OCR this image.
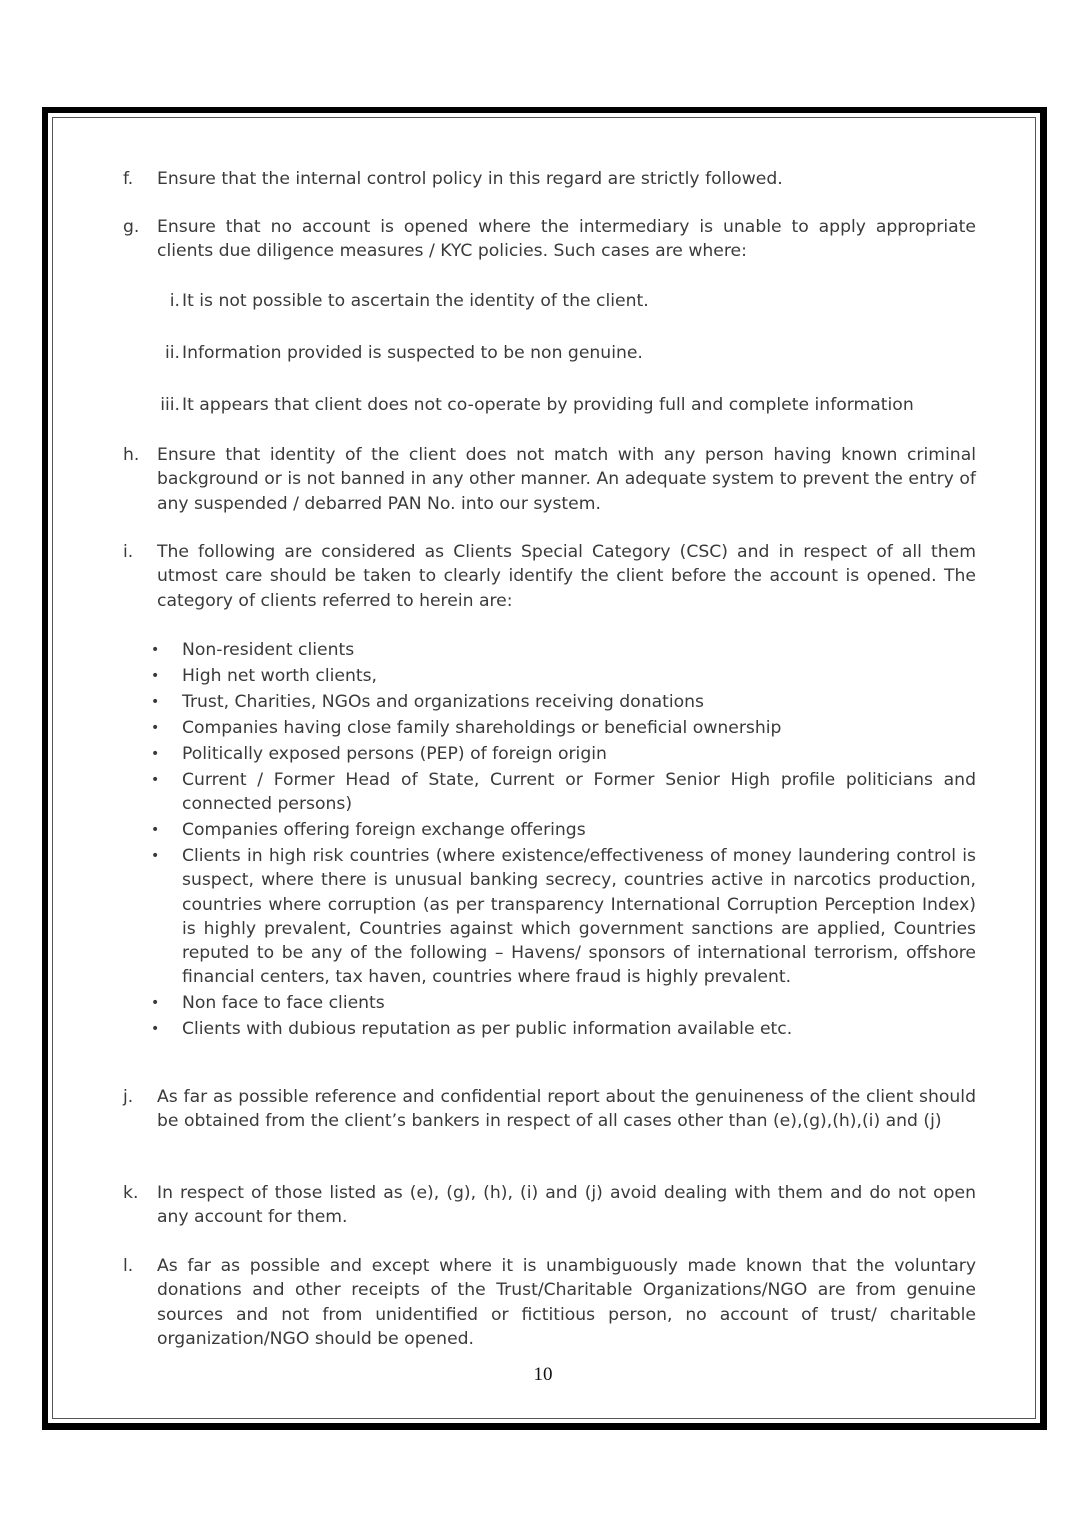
f. Ensure that the internal control policy in this regard are strictly followed.
g. Ensure that no account is opened where the intermediary is unable to apply appropriate clients due diligence measures / KYC policies. Such cases are where:
i. It is not possible to ascertain the identity of the client.
ii. Information provided is suspected to be non genuine.
iii. It appears that client does not co-operate by providing full and complete information
h. Ensure that identity of the client does not match with any person having known criminal background or is not banned in any other manner. An adequate system to prevent the entry of any suspended / debarred PAN No. into our system.
i. The following are considered as Clients Special Category (CSC) and in respect of all them utmost care should be taken to clearly identify the client before the account is opened. The category of clients referred to herein are:
• Non-resident clients
• High net worth clients,
• Trust, Charities, NGOs and organizations receiving donations
• Companies having close family shareholdings or beneficial ownership
• Politically exposed persons (PEP) of foreign origin
• Current / Former Head of State, Current or Former Senior High profile politicians and connected persons)
• Companies offering foreign exchange offerings
• Clients in high risk countries (where existence/effectiveness of money laundering control is suspect, where there is unusual banking secrecy, countries active in narcotics production, countries where corruption (as per transparency International Corruption Perception Index) is highly prevalent, Countries against which government sanctions are applied, Countries reputed to be any of the following – Havens/ sponsors of international terrorism, offshore financial centers, tax haven, countries where fraud is highly prevalent.
• Non face to face clients
• Clients with dubious reputation as per public information available etc.
j. As far as possible reference and confidential report about the genuineness of the client should be obtained from the client’s bankers in respect of all cases other than (e),(g),(h),(i) and (j)
k. In respect of those listed as (e), (g), (h), (i) and (j) avoid dealing with them and do not open any account for them.
l. As far as possible and except where it is unambiguously made known that the voluntary donations and other receipts of the Trust/Charitable Organizations/NGO are from genuine sources and not from unidentified or fictitious person, no account of trust/ charitable organization/NGO should be opened.
10
